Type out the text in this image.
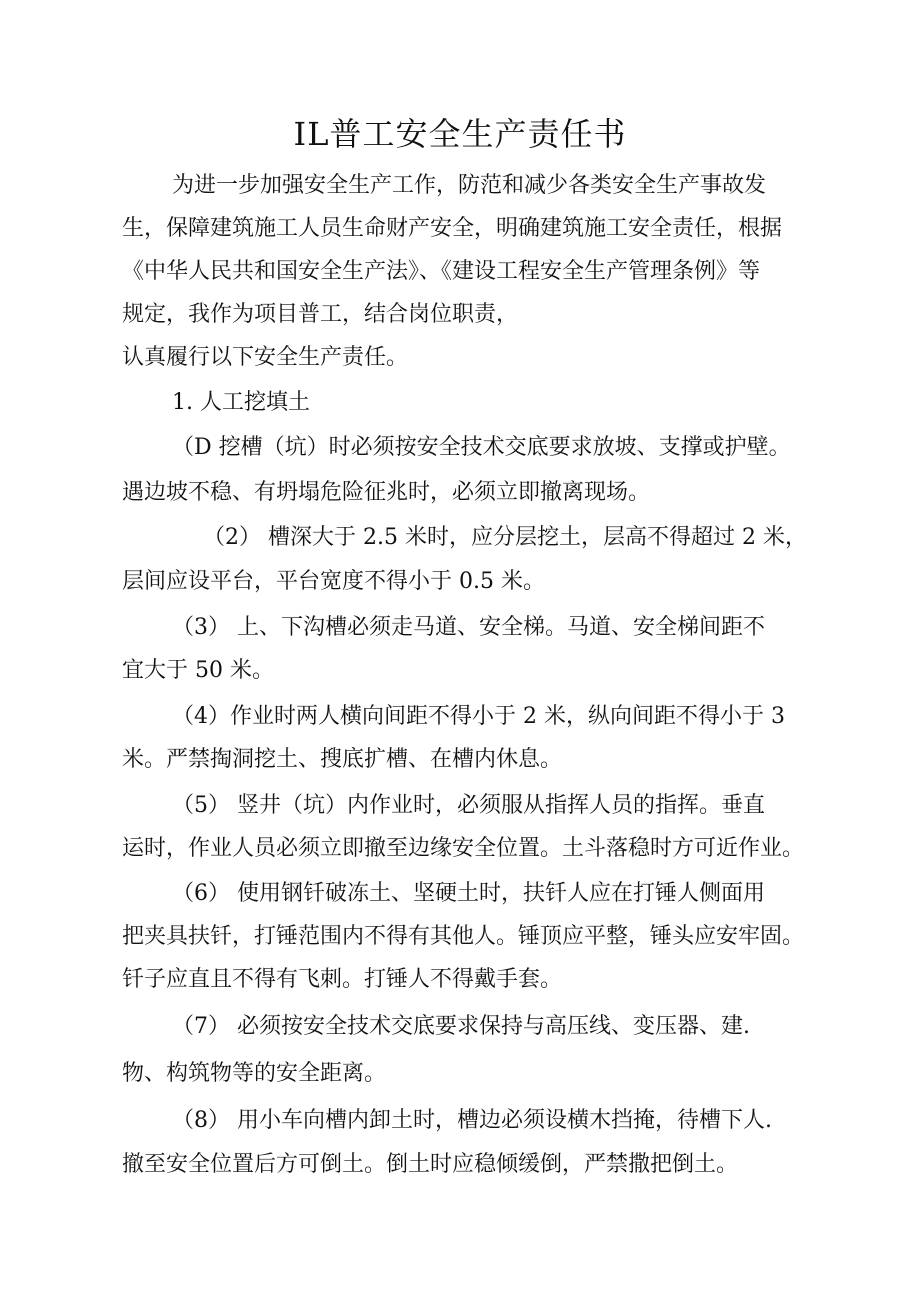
IL普工安全生产责任书
为进一步加强安全生产工作，防范和减少各类安全生产事故发
生，保障建筑施工人员生命财产安全，明确建筑施工安全责任，根据
《中华人民共和国安全生产法》、《建设工程安全生产管理条例》等
规定，我作为项目普工，结合岗位职责，
认真履行以下安全生产责任。
1. 人工挖填土
（D 挖槽（坑）时必须按安全技术交底要求放坡、支撑或护壁。
遇边坡不稳、有坍塌危险征兆时，必须立即撤离现场。
（2） 槽深大于 2.5 米时，应分层挖土，层高不得超过 2 米，
层间应设平台，平台宽度不得小于 0.5 米。
（3） 上、下沟槽必须走马道、安全梯。马道、安全梯间距不
宜大于 50 米。
（4）作业时两人横向间距不得小于 2 米，纵向间距不得小于 3
米。严禁掏洞挖土、搜底扩槽、在槽内休息。
（5） 竖井（坑）内作业时，必须服从指挥人员的指挥。垂直
运时，作业人员必须立即撤至边缘安全位置。土斗落稳时方可近作业。
（6） 使用钢钎破冻土、坚硬土时，扶钎人应在打锤人侧面用
把夹具扶钎，打锤范围内不得有其他人。锤顶应平整，锤头应安牢固。
钎子应直且不得有飞刺。打锤人不得戴手套。
（7） 必须按安全技术交底要求保持与高压线、变压器、建.
物、构筑物等的安全距离。
（8） 用小车向槽内卸土时，槽边必须设横木挡掩，待槽下人.
撤至安全位置后方可倒土。倒土时应稳倾缓倒，严禁撒把倒土。
